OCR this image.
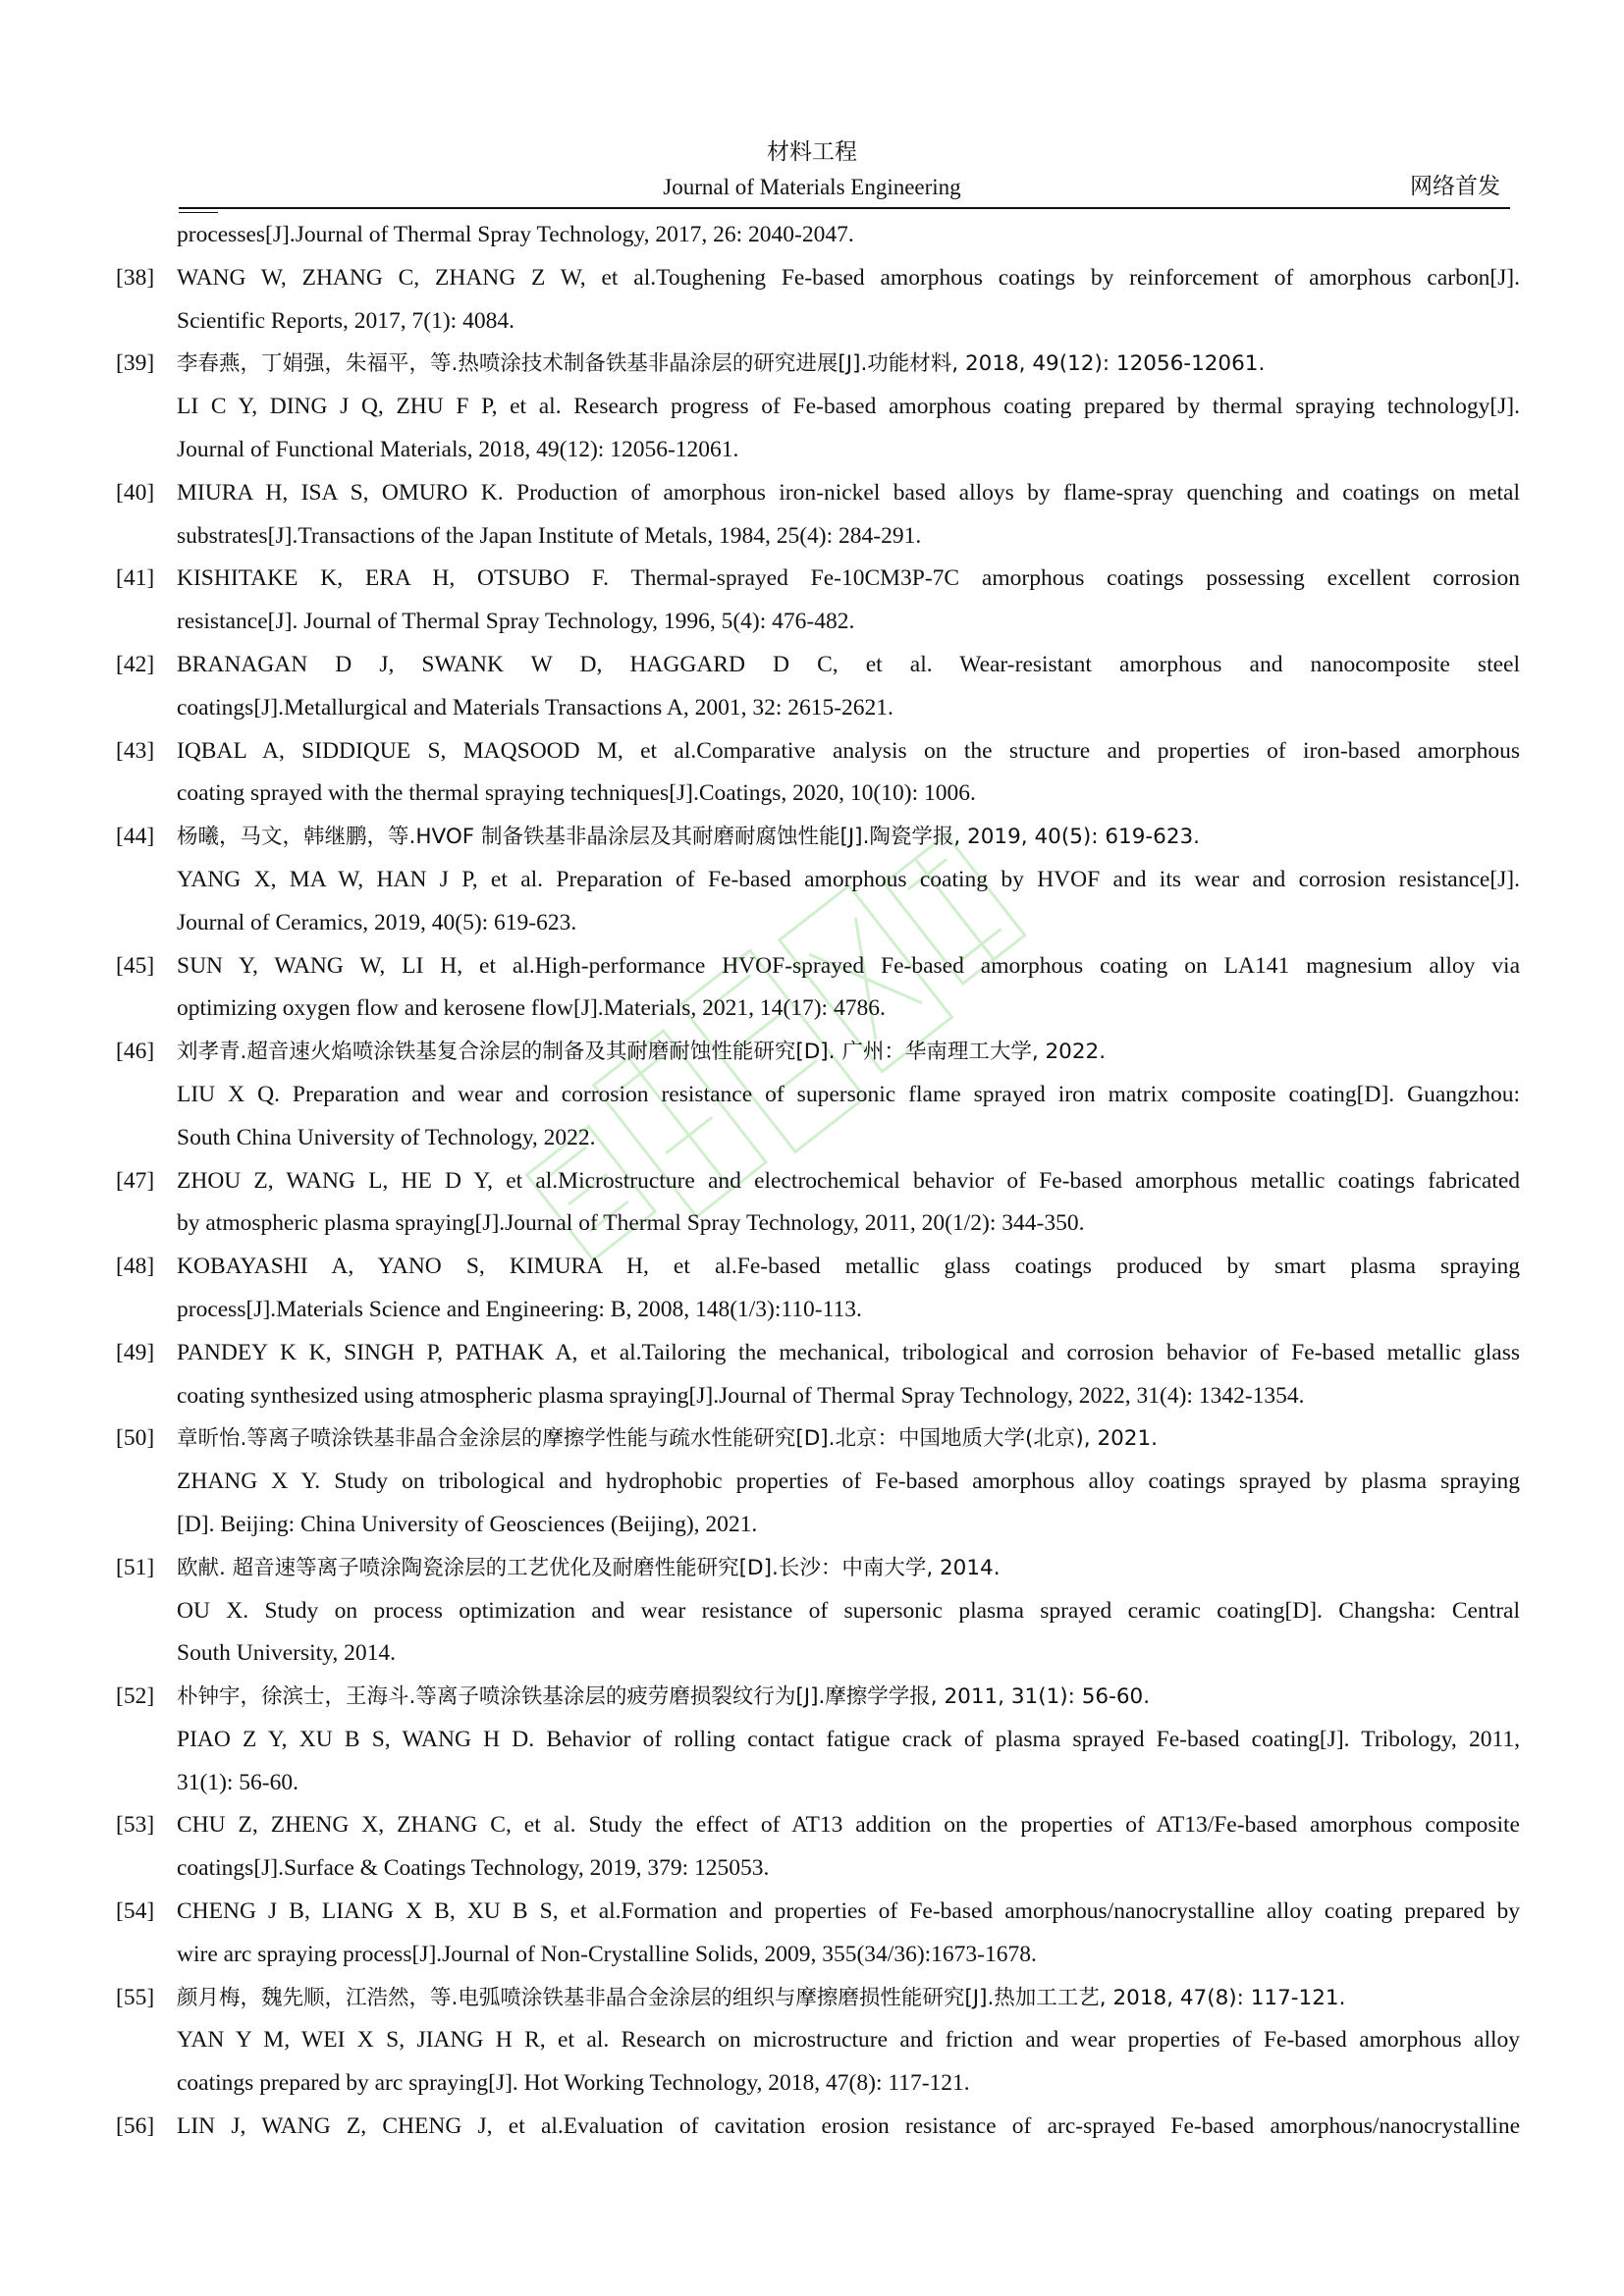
材料工程
Journal of Materials Engineering	网络首发
processes[J].Journal of Thermal Spray Technology, 2017, 26: 2040-2047.
[38] WANG W, ZHANG C, ZHANG Z W, et al.Toughening Fe-based amorphous coatings by reinforcement of amorphous carbon[J].
Scientific Reports, 2017, 7(1): 4084.
[39]	李春燕，丁娟强，朱福平，等.热喷涂技术制备铁基非晶涂层的研究进展[J].功能材料, 2018, 49(12): 12056-12061.
LI C Y, DING J Q, ZHU F P, et al. Research progress of Fe-based amorphous coating prepared by thermal spraying technology[J].
Journal of Functional Materials, 2018, 49(12): 12056-12061.
[40] MIURA H, ISA S, OMURO K. Production of amorphous iron-nickel based alloys by flame-spray quenching and coatings on metal
substrates[J].Transactions of the Japan Institute of Metals, 1984, 25(4): 284-291.
[41] KISHITAKE K, ERA H, OTSUBO F. Thermal-sprayed Fe-10CM3P-7C amorphous coatings possessing excellent corrosion
resistance[J]. Journal of Thermal Spray Technology, 1996, 5(4): 476-482.
[42] BRANAGAN D J, SWANK W D, HAGGARD D C, et al. Wear-resistant amorphous and nanocomposite steel
coatings[J].Metallurgical and Materials Transactions A, 2001, 32: 2615-2621.
[43] IQBAL A, SIDDIQUE S, MAQSOOD M, et al.Comparative analysis on the structure and properties of iron-based amorphous
coating sprayed with the thermal spraying techniques[J].Coatings, 2020, 10(10): 1006.
[44]	杨曦，马文，韩继鹏，等.HVOF 制备铁基非晶涂层及其耐磨耐腐蚀性能[J].陶瓷学报, 2019, 40(5): 619-623.
YANG X, MA W, HAN J P, et al. Preparation of Fe-based amorphous coating by HVOF and its wear and corrosion resistance[J].
Journal of Ceramics, 2019, 40(5): 619-623.
[45] SUN Y, WANG W, LI H, et al.High-performance HVOF-sprayed Fe-based amorphous coating on LA141 magnesium alloy via
optimizing oxygen flow and kerosene flow[J].Materials, 2021, 14(17): 4786.
[46]	刘孝青.超音速火焰喷涂铁基复合涂层的制备及其耐磨耐蚀性能研究[D]. 广州：华南理工大学, 2022.
LIU X Q. Preparation and wear and corrosion resistance of supersonic flame sprayed iron matrix composite coating[D]. Guangzhou:
South China University of Technology, 2022.
[47] ZHOU Z, WANG L, HE D Y, et al.Microstructure and electrochemical behavior of Fe-based amorphous metallic coatings fabricated
by atmospheric plasma spraying[J].Journal of Thermal Spray Technology, 2011, 20(1/2): 344-350.
[48] KOBAYASHI A, YANO S, KIMURA H, et al.Fe-based metallic glass coatings produced by smart plasma spraying
process[J].Materials Science and Engineering: B, 2008, 148(1/3):110-113.
[49] PANDEY K K, SINGH P, PATHAK A, et al.Tailoring the mechanical, tribological and corrosion behavior of Fe-based metallic glass
coating synthesized using atmospheric plasma spraying[J].Journal of Thermal Spray Technology, 2022, 31(4): 1342-1354.
[50]	章昕怡.等离子喷涂铁基非晶合金涂层的摩擦学性能与疏水性能研究[D].北京：中国地质大学(北京), 2021.
ZHANG X Y. Study on tribological and hydrophobic properties of Fe-based amorphous alloy coatings sprayed by plasma spraying
[D]. Beijing: China University of Geosciences (Beijing), 2021.
[51]	欧献. 超音速等离子喷涂陶瓷涂层的工艺优化及耐磨性能研究[D].长沙：中南大学, 2014.
OU X. Study on process optimization and wear resistance of supersonic plasma sprayed ceramic coating[D]. Changsha: Central
South University, 2014.
[52]	朴钟宇，徐滨士，王海斗.等离子喷涂铁基涂层的疲劳磨损裂纹行为[J].摩擦学学报, 2011, 31(1): 56-60.
PIAO Z Y, XU B S, WANG H D. Behavior of rolling contact fatigue crack of plasma sprayed Fe-based coating[J]. Tribology, 2011,
31(1): 56-60.
[53] CHU Z, ZHENG X, ZHANG C, et al. Study the effect of AT13 addition on the properties of AT13/Fe-based amorphous composite
coatings[J].Surface & Coatings Technology, 2019, 379: 125053.
[54] CHENG J B, LIANG X B, XU B S, et al.Formation and properties of Fe-based amorphous/nanocrystalline alloy coating prepared by
wire arc spraying process[J].Journal of Non-Crystalline Solids, 2009, 355(34/36):1673-1678.
[55]	颜月梅，魏先顺，江浩然，等.电弧喷涂铁基非晶合金涂层的组织与摩擦磨损性能研究[J].热加工工艺, 2018, 47(8): 117-121.
YAN Y M, WEI X S, JIANG H R, et al. Research on microstructure and friction and wear properties of Fe-based amorphous alloy
coatings prepared by arc spraying[J]. Hot Working Technology, 2018, 47(8): 117-121.
[56] LIN J, WANG Z, CHENG J, et al.Evaluation of cavitation erosion resistance of arc-sprayed Fe-based amorphous/nanocrystalline
